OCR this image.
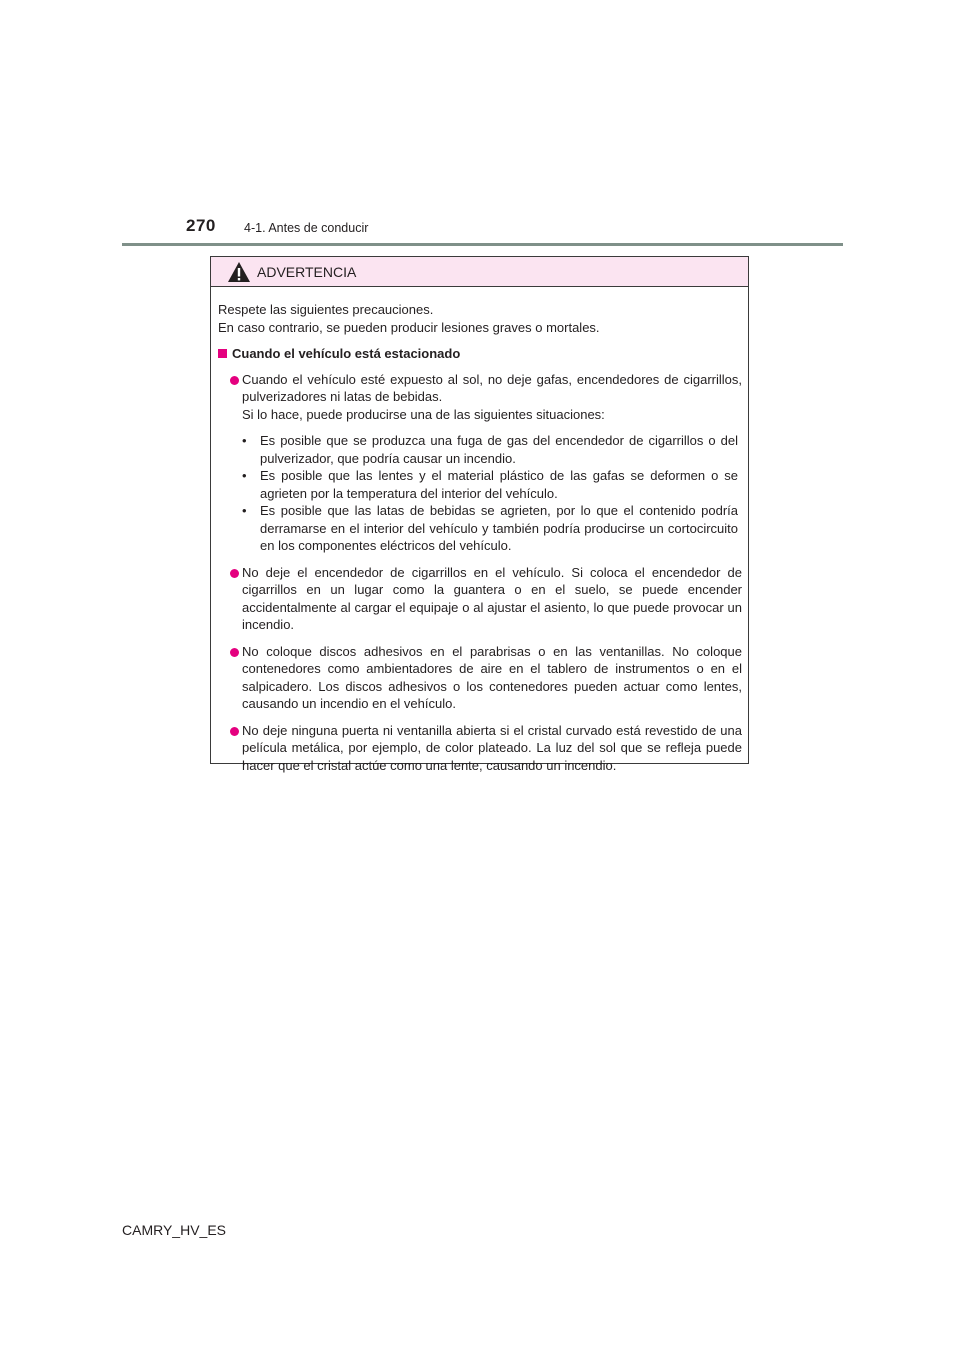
270 4-1. Antes de conducir
ADVERTENCIA

Respete las siguientes precauciones.

En caso contrario, se pueden producir lesiones graves o mortales.

Cuando el vehículo está estacionado

Cuando el vehículo esté expuesto al sol, no deje gafas, encendedores de cigarrillos, pulverizadores ni latas de bebidas.

Si lo hace, puede producirse una de las siguientes situaciones:

• Es posible que se produzca una fuga de gas del encendedor de cigarrillos o del pulverizador, que podría causar un incendio.
• Es posible que las lentes y el material plástico de las gafas se deformen o se agrieten por la temperatura del interior del vehículo.
• Es posible que las latas de bebidas se agrieten, por lo que el contenido podría derramarse en el interior del vehículo y también podría producirse un cortocircuito en los componentes eléctricos del vehículo.
No deje el encendedor de cigarrillos en el vehículo. Si coloca el encendedor de cigarrillos en un lugar como la guantera o en el suelo, se puede encender accidentalmente al cargar el equipaje o al ajustar el asiento, lo que puede provocar un incendio.
No coloque discos adhesivos en el parabrisas o en las ventanillas. No coloque contenedores como ambientadores de aire en el tablero de instrumentos o en el salpicadero. Los discos adhesivos o los contenedores pueden actuar como lentes, causando un incendio en el vehículo.
No deje ninguna puerta ni ventanilla abierta si el cristal curvado está revestido de una película metálica, por ejemplo, de color plateado. La luz del sol que se refleja puede hacer que el cristal actúe como una lente, causando un incendio.
CAMRY_HV_ES
